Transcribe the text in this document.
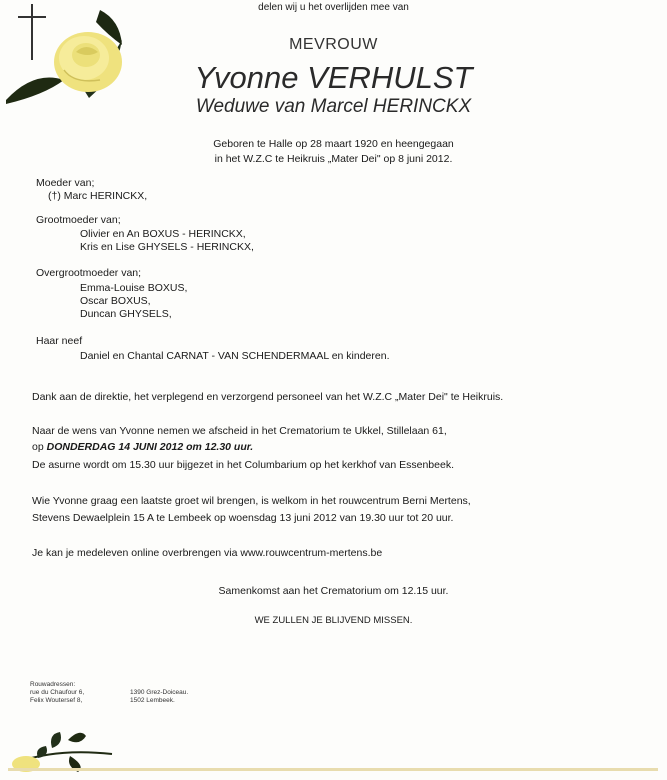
delen wij u het overlijden mee van
MEVROUW
Yvonne VERHULST
Weduwe van Marcel HERINCKX
Geboren te Halle op 28 maart 1920 en heengegaan
in het W.Z.C te Heikruis „Mater Dei" op 8 juni 2012.
Moeder van;
(†) Marc HERINCKX,
Grootmoeder van;
Olivier en An BOXUS - HERINCKX,
Kris en Lise GHYSELS - HERINCKX,
Overgrootmoeder van;
Emma-Louise BOXUS,
Oscar BOXUS,
Duncan GHYSELS,
Haar neef
Daniel en Chantal CARNAT - VAN SCHENDERMAAL en kinderen.
Dank aan de direktie, het verplegend en verzorgend personeel van het W.Z.C „Mater Dei" te Heikruis.
Naar de wens van Yvonne nemen we afscheid in het Crematorium te Ukkel, Stillelaan 61,
op DONDERDAG 14 JUNI 2012 om 12.30 uur.
De asurne wordt om 15.30 uur bijgezet in het Columbarium op het kerkhof van Essenbeek.
Wie Yvonne graag een laatste groet wil brengen, is welkom in het rouwcentrum Berni Mertens,
Stevens Dewaelplein 15 A te Lembeek op woensdag 13 juni 2012 van 19.30 uur tot 20 uur.
Je kan je medeleven online overbrengen via www.rouwcentrum-mertens.be
Samenkomst aan het Crematorium om 12.15 uur.
WE ZULLEN JE BLIJVEND MISSEN.
Rouwadressen:
rue du Chaufour 6,
Felix Woutersef 8,
1390 Grez-Doiceau.
1502 Lembeek.
